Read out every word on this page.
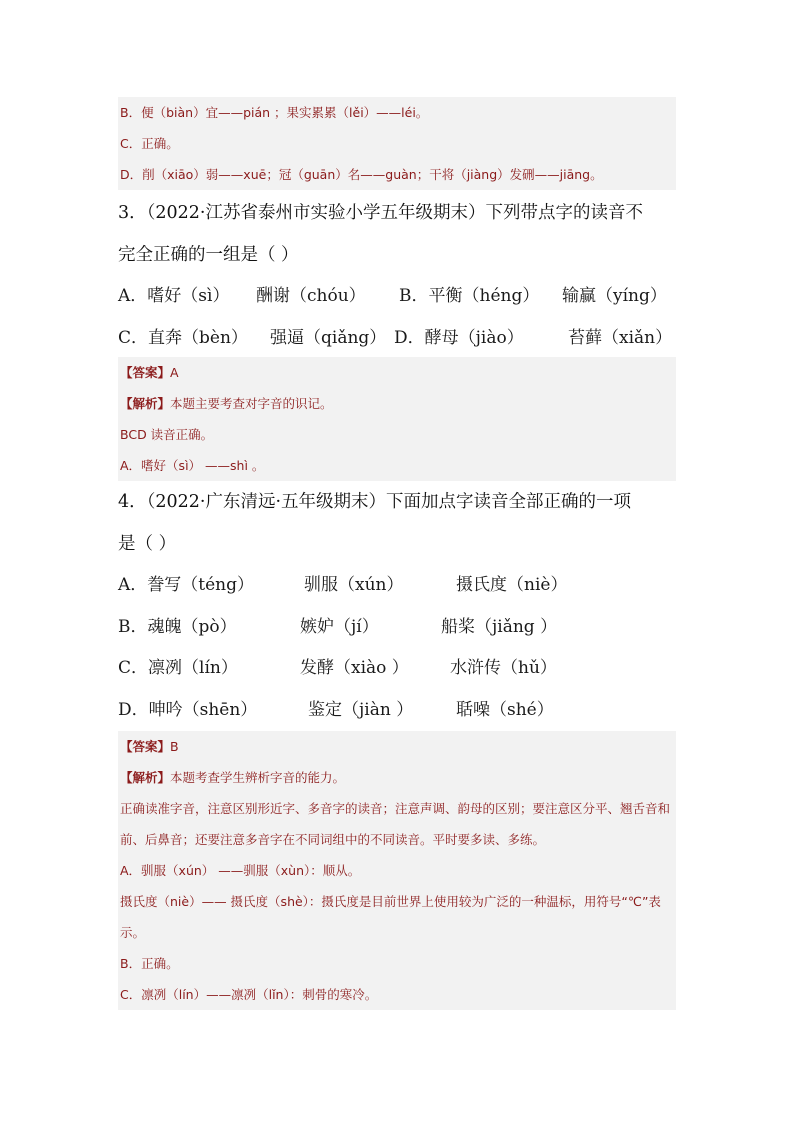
B．便（biàn）宜——pián ；果实累累（lěi）——léi。
C．正确。
D．削（xiāo）弱——xuē；冠（guān）名——guàn；干将（jiàng）发硎——jiāng。
3．（2022·江苏省泰州市实验小学五年级期末）下列带点字的读音不
完全正确的一组是（ ）
A．嗜好（sì） 酬谢（chóu） B．平衡（héng） 输赢（yíng）
C．直奔（bèn） 强逼（qiǎng） D．酵母（jiào）	苔藓（xiǎn）
【答案】A
【解析】本题主要考查对字音的识记。
BCD 读音正确。
A．嗜好（sì） ——shì 。
4．（2022·广东清远·五年级期末）下面加点字读音全部正确的一项
是（ ）
A．誊写（téng）	驯服（xún）	摄氏度（niè）
B．魂魄（pò）	嫉妒（jí）	船桨（jiǎng ）
C．凛冽（lín）	发酵（xiào ） 水浒传（hǔ）
D．呻吟（shēn）	鉴定（jiàn ）	聒噪（shé）
【答案】B
【解析】本题考查学生辨析字音的能力。
正确读准字音，注意区别形近字、多音字的读音；注意声调、韵母的区别；要注意区分平、翘舌音和前、后鼻音；还要注意多音字在不同词组中的不同读音。平时要多读、多练。
A．驯服（xún） ——驯服（xùn）：顺从。
摄氏度（niè）—— 摄氏度（shè）：摄氏度是目前世界上使用较为广泛的一种温标，用符号“℃”表示。
B．正确。
C．凛冽（lín）——凛冽（lǐn）：刺骨的寒冷。
